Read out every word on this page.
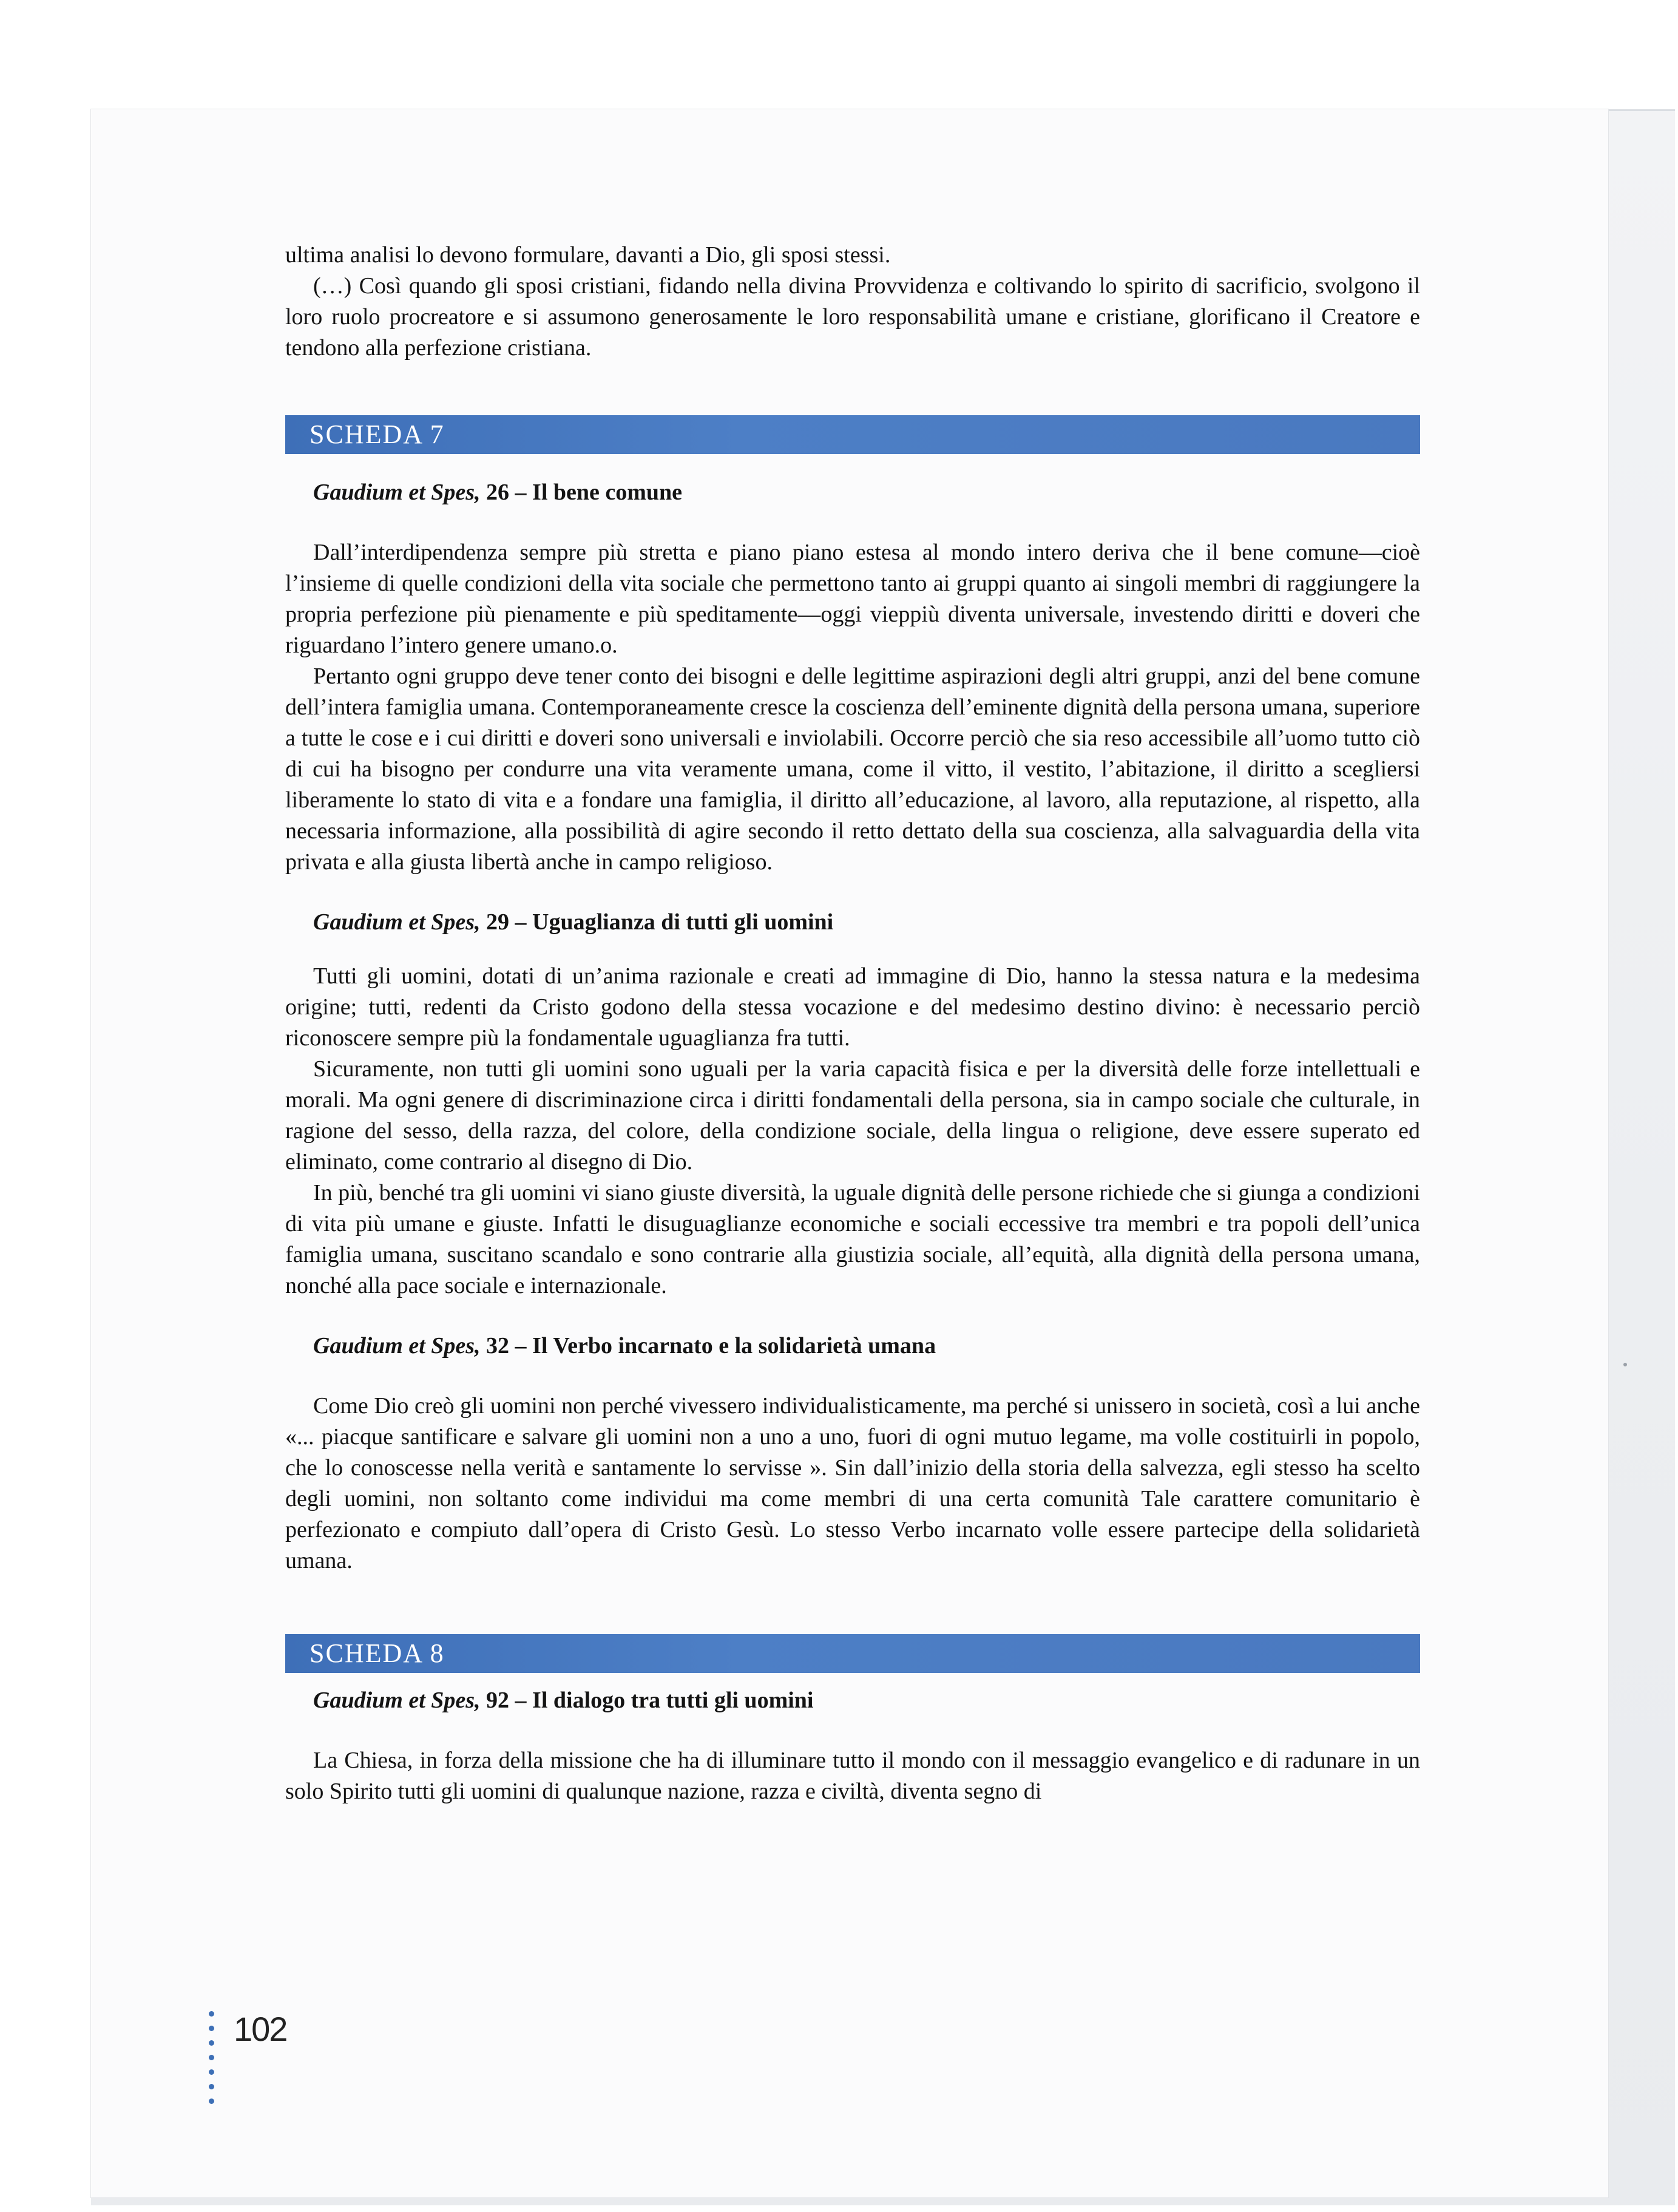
ultima analisi lo devono formulare, davanti a Dio, gli sposi stessi.

(…) Così quando gli sposi cristiani, fidando nella divina Provvidenza e coltivando lo spirito di sacrificio, svolgono il loro ruolo procreatore e si assumono generosamente le loro responsabilità umane e cristiane, glorificano il Creatore e tendono alla perfezione cristiana.

SCHEDA 7

Gaudium et Spes, 26 – Il bene comune

Dall’interdipendenza sempre più stretta e piano piano estesa al mondo intero deriva che il bene comune—cioè l’insieme di quelle condizioni della vita sociale che permettono tanto ai gruppi quanto ai singoli membri di raggiungere la propria perfezione più pienamente e più speditamente—oggi vieppiù diventa universale, investendo diritti e doveri che riguardano l’intero genere umano.o.

Pertanto ogni gruppo deve tener conto dei bisogni e delle legittime aspirazioni degli altri gruppi, anzi del bene comune dell’intera famiglia umana. Contemporaneamente cresce la coscienza dell’eminente dignità della persona umana, superiore a tutte le cose e i cui diritti e doveri sono universali e inviolabili. Occorre perciò che sia reso accessibile all’uomo tutto ciò di cui ha bisogno per condurre una vita veramente umana, come il vitto, il vestito, l’abitazione, il diritto a scegliersi liberamente lo stato di vita e a fondare una famiglia, il diritto all’educazione, al lavoro, alla reputazione, al rispetto, alla necessaria informazione, alla possibilità di agire secondo il retto dettato della sua coscienza, alla salvaguardia della vita privata e alla giusta libertà anche in campo religioso.

Gaudium et Spes, 29 – Uguaglianza di tutti gli uomini

Tutti gli uomini, dotati di un’anima razionale e creati ad immagine di Dio, hanno la stessa natura e la medesima origine; tutti, redenti da Cristo godono della stessa vocazione e del medesimo destino divino: è necessario perciò riconoscere sempre più la fondamentale uguaglianza fra tutti.

Sicuramente, non tutti gli uomini sono uguali per la varia capacità fisica e per la diversità delle forze intellettuali e morali. Ma ogni genere di discriminazione circa i diritti fondamentali della persona, sia in campo sociale che culturale, in ragione del sesso, della razza, del colore, della condizione sociale, della lingua o religione, deve essere superato ed eliminato, come contrario al disegno di Dio.

In più, benché tra gli uomini vi siano giuste diversità, la uguale dignità delle persone richiede che si giunga a condizioni di vita più umane e giuste. Infatti le disuguaglianze economiche e sociali eccessive tra membri e tra popoli dell’unica famiglia umana, suscitano scandalo e sono contrarie alla giustizia sociale, all’equità, alla dignità della persona umana, nonché alla pace sociale e internazionale.

Gaudium et Spes, 32 – Il Verbo incarnato e la solidarietà umana

Come Dio creò gli uomini non perché vivessero individualisticamente, ma perché si unissero in società, così a lui anche «... piacque santificare e salvare gli uomini non a uno a uno, fuori di ogni mutuo legame, ma volle costituirli in popolo, che lo conoscesse nella verità e santamente lo servisse ». Sin dall’inizio della storia della salvezza, egli stesso ha scelto degli uomini, non soltanto come individui ma come membri di una certa comunità Tale carattere comunitario è perfezionato e compiuto dall’opera di Cristo Gesù. Lo stesso Verbo incarnato volle essere partecipe della solidarietà umana.

SCHEDA 8

Gaudium et Spes, 92 – Il dialogo tra tutti gli uomini

La Chiesa, in forza della missione che ha di illuminare tutto il mondo con il messaggio evangelico e di radunare in un solo Spirito tutti gli uomini di qualunque nazione, razza e civiltà, diventa segno di

102
